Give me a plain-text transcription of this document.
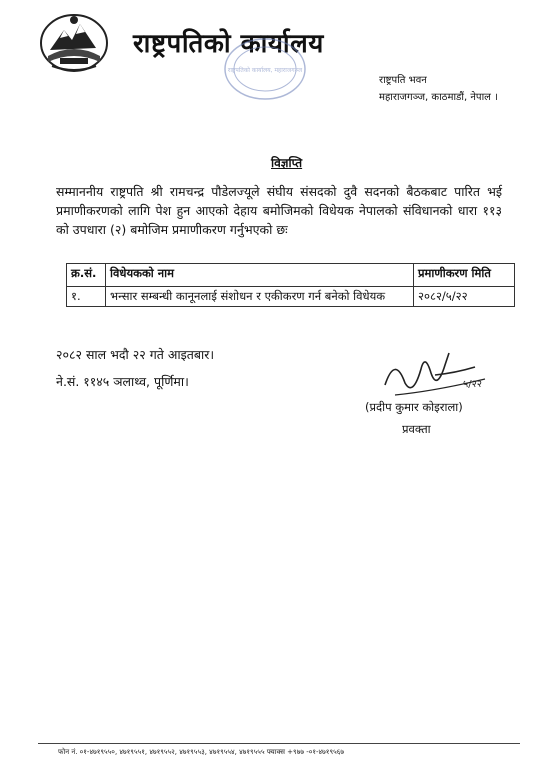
राष्ट्रपतिको कार्यालय
राष्ट्रपतिको कार्यालय, महाराजगञ्ज
राष्ट्रपति भवन
महाराजगञ्ज, काठमाडौं, नेपाल ।
विज्ञप्ति
सम्माननीय राष्ट्रपति श्री रामचन्द्र पौडेलज्यूले संघीय संसदको दुवै सदनको बैठकबाट पारित भई प्रमाणीकरणको लागि पेश हुन आएको देहाय बमोजिमको विधेयक नेपालको संविधानको धारा ११३ को उपधारा (२) बमोजिम प्रमाणीकरण गर्नुभएको छः
क्र.सं.	विधेयकको नाम	प्रमाणीकरण मिति
१.	भन्सार सम्बन्धी कानूनलाई संशोधन र एकीकरण गर्न बनेको विधेयक	२०८२/५/२२
२०८२ साल भदौ २२ गते आइतबार।
ने.सं. ११४५ ञलाथ्व, पूर्णिमा।	५/२२
(प्रदीप कुमार कोइराला)
प्रवक्ता
फोन नं. ०१-४७१९५५०, ४७१९५५१, ४७१९५५२, ४७१९५५३, ४७१९५५४, ४७१९५५५ फ्याक्स +९७७ -०१-४७१९५६७
